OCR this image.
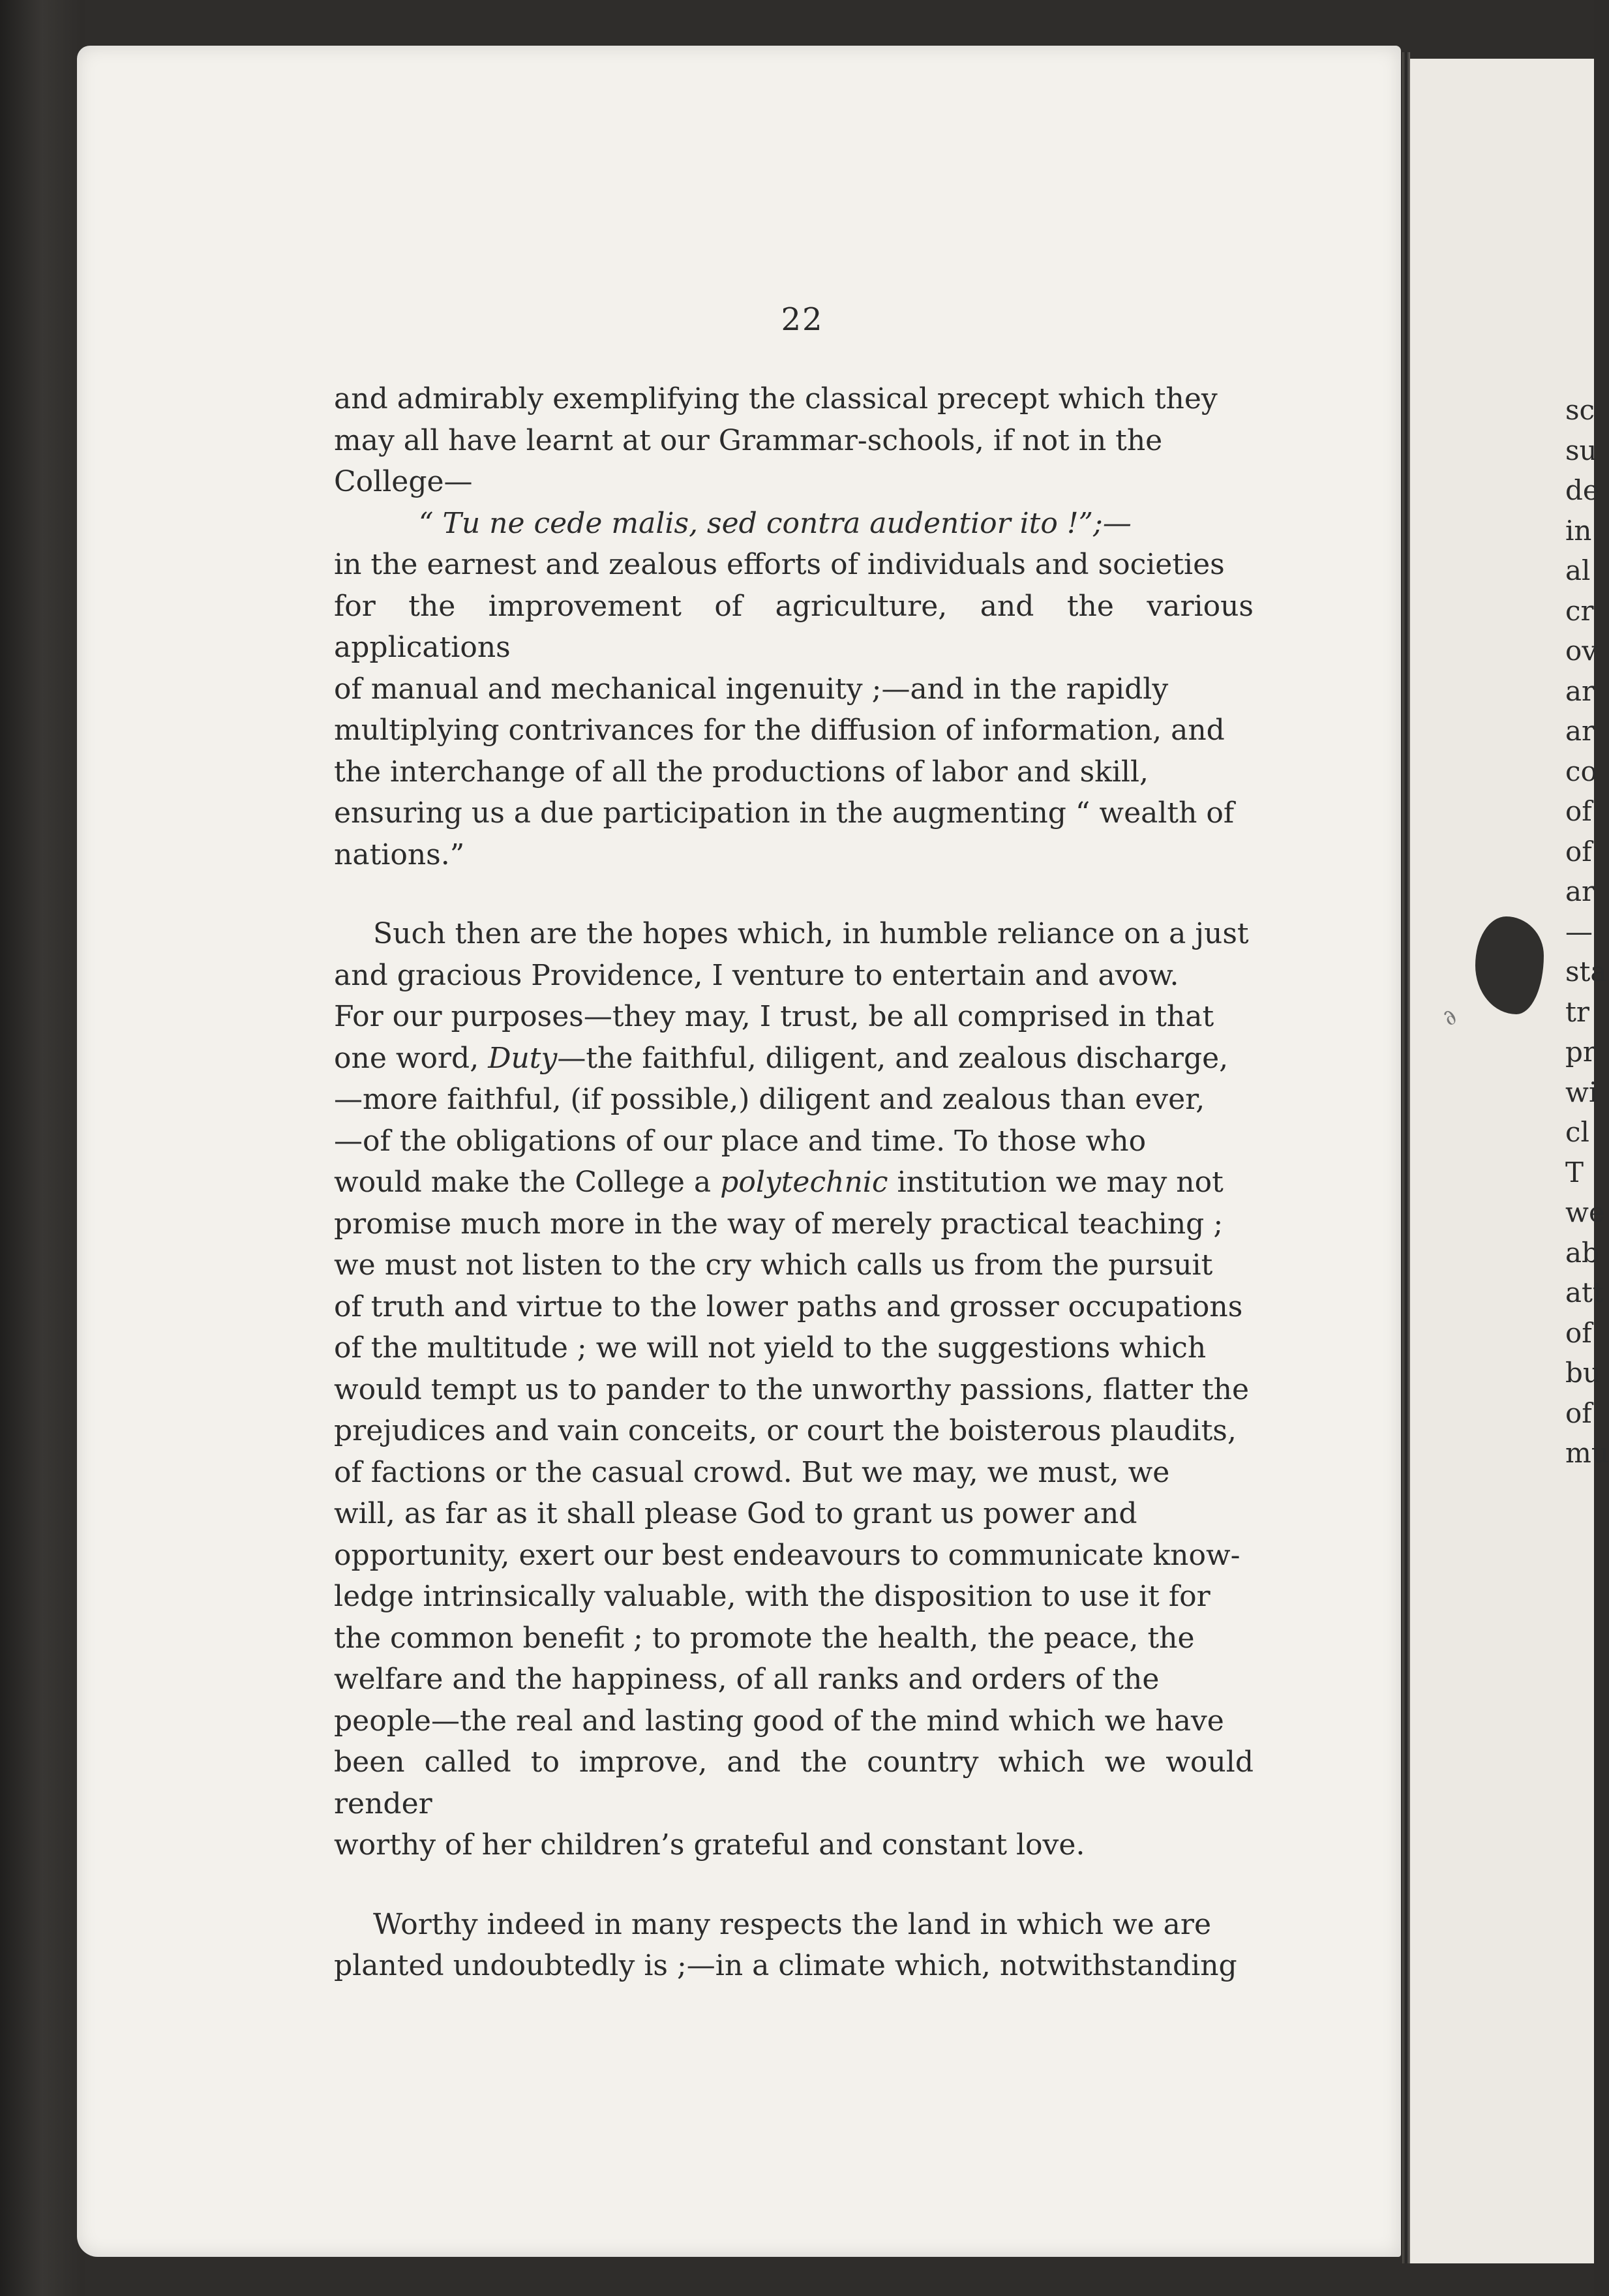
22

and admirably exemplifying the classical precept which they

may all have learnt at our Grammar-schools, if not in the

College—

“ Tu ne cede malis, sed contra audentior ito !”;—

in the earnest and zealous efforts of individuals and societies

for the improvement of agriculture, and the various applications

of manual and mechanical ingenuity ;—and in the rapidly

multiplying contrivances for the diffusion of information, and

the interchange of all the productions of labor and skill,

ensuring us a due participation in the augmenting “ wealth of

nations.”

Such then are the hopes which, in humble reliance on a just

and gracious Providence, I venture to entertain and avow.

For our purposes—they may, I trust, be all comprised in that

one word, Duty—the faithful, diligent, and zealous discharge,

—more faithful, (if possible,) diligent and zealous than ever,

—of the obligations of our place and time. To those who

would make the College a polytechnic institution we may not

promise much more in the way of merely practical teaching ;

we must not listen to the cry which calls us from the pursuit

of truth and virtue to the lower paths and grosser occupations

of the multitude ; we will not yield to the suggestions which

would tempt us to pander to the unworthy passions, flatter the

prejudices and vain conceits, or court the boisterous plaudits,

of factions or the casual crowd. But we may, we must, we

will, as far as it shall please God to grant us power and

opportunity, exert our best endeavours to communicate know-

ledge intrinsically valuable, with the disposition to use it for

the common benefit ; to promote the health, the peace, the

welfare and the happiness, of all ranks and orders of the

people—the real and lasting good of the mind which we have

been called to improve, and the country which we would render

worthy of her children’s grateful and constant love.

Worthy indeed in many respects the land in which we are

planted undoubtedly is ;—in a climate which, notwithstanding

sc
su
de
in
al
cr
ov
ar
ar
co
of
of
ar
—
sta
tr
pr
wi
cl
T
we
ab
att
of
bu
of
mu
∂
